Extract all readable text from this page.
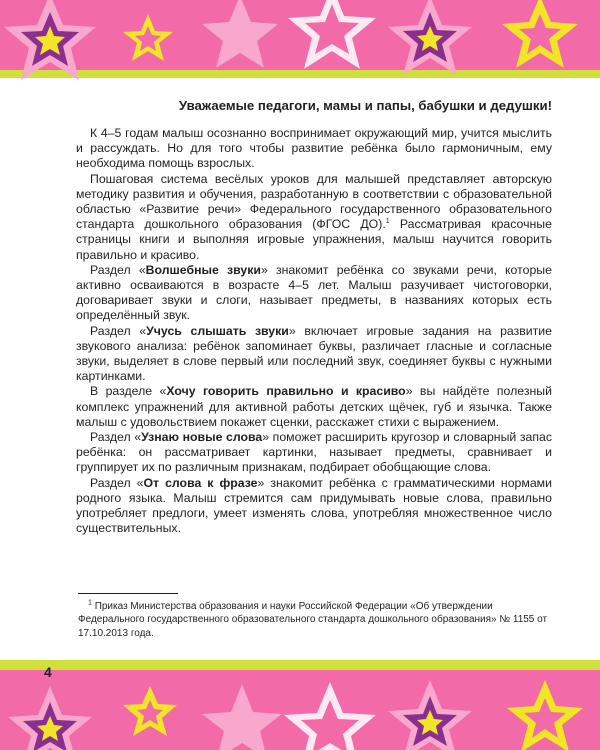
Уважаемые педагоги, мамы и папы, бабушки и дедушки!

К 4–5 годам малыш осознанно воспринимает окружающий мир, учится мыслить и рассуждать. Но для того чтобы развитие ребёнка было гармоничным, ему необходима помощь взрослых.

Пошаговая система весёлых уроков для малышей представляет авторскую методику развития и обучения, разработанную в соответствии с образовательной областью «Развитие речи» Федерального государственного образовательного стандарта дошкольного образования (ФГОС ДО).$^1$ Рассматривая красочные страницы книги и выполняя игровые упражнения, малыш научится говорить правильно и красиво.

Раздел «Волшебные звуки» знакомит ребёнка со звуками речи, которые активно осваиваются в возрасте 4–5 лет. Малыш разучивает чистоговорки, договаривает звуки и слоги, называет предметы, в названиях которых есть определённый звук.

Раздел «Учусь слышать звуки» включает игровые задания на развитие звукового анализа: ребёнок запоминает буквы, различает гласные и согласные звуки, выделяет в слове первый или последний звук, соединяет буквы с нужными картинками.

В разделе «Хочу говорить правильно и красиво» вы найдёте полезный комплекс упражнений для активной работы детских щёчек, губ и язычка. Также малыш с удовольствием покажет сценки, расскажет стихи с выражением.

Раздел «Узнаю новые слова» поможет расширить кругозор и словарный запас ребёнка: он рассматривает картинки, называет предметы, сравнивает и группирует их по различным признакам, подбирает обобщающие слова.

Раздел «От слова к фразе» знакомит ребёнка с грамматическими нормами родного языка. Малыш стремится сам придумывать новые слова, правильно употребляет предлоги, умеет изменять слова, употребляя множественное число существительных.

$^1$ Приказ Министерства образования и науки Российской Федерации «Об утверждении Федерального государственного образовательного стандарта дошкольного образования» № 1155 от 17.10.2013 года.

4
